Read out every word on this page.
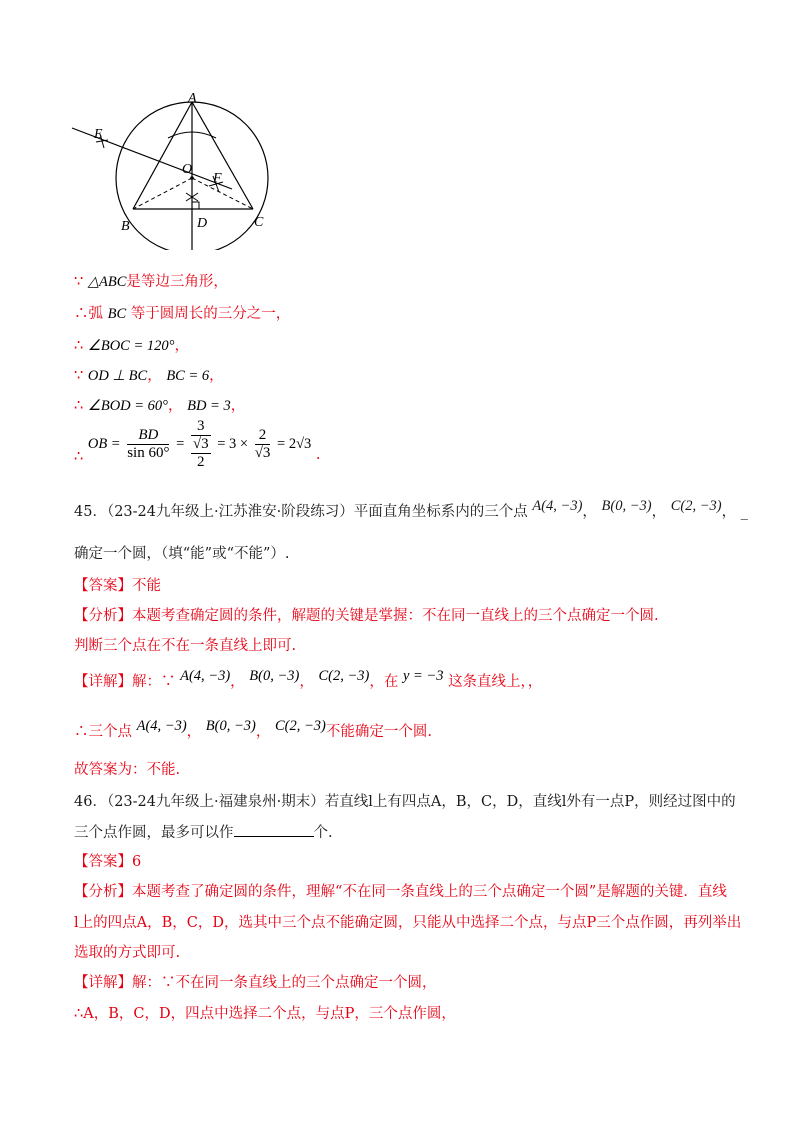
A
B	C
D
E
F
O
∵ △ABC是等边三角形，
∴弧 BC 等于圆周长的三分之一，
∴ ∠BOC = 120°，
∵ OD ⊥ BC， BC = 6，
∴ ∠BOD = 60°， BD = 3，
∴ OB = $\frac{BD}{\sin 60^\circ} = 3$
√3
$2 = 3 \times \frac{2}{√3} = 2√3$ .
45．（23-24九年级上·江苏淮安·阶段练习）平面直角坐标系内的三个点 A(4, −3)， B(0, −3)， C(2, −3)， _
确定一个圆，（填“能”或“不能”）.
【答案】不能
【分析】本题考查确定圆的条件，解题的关键是掌握：不在同一直线上的三个点确定一个圆.
判断三个点在不在一条直线上即可.
【详解】解：∵ A(4, −3)， B(0, −3)， C(2, −3)，在 y = −3 这条直线上，，
∴三个点 A(4, −3)， B(0, −3)， C(2, −3)不能确定一个圆.
故答案为：不能.
46．（23-24九年级上·福建泉州·期末）若直线l上有四点A，B，C，D，直线l外有一点P，则经过图中的
三个点作圆，最多可以作	个.
【答案】6
【分析】本题考查了确定圆的条件，理解“不在同一条直线上的三个点确定一个圆”是解题的关键．直线
l上的四点A，B，C，D，选其中三个点不能确定圆，只能从中选择二个点，与点P三个点作圆，再列举出
选取的方式即可.
【详解】解：∵不在同一条直线上的三个点确定一个圆，
∴A，B，C，D，四点中选择二个点，与点P，三个点作圆，
